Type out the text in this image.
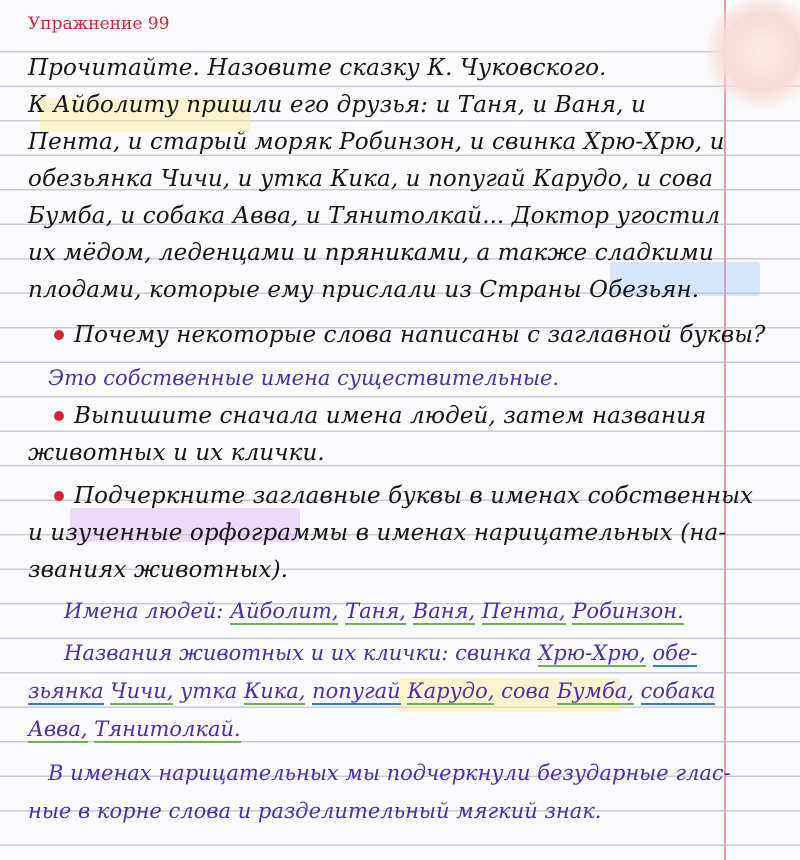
Упражнение 99
Прочитайте. Назовите сказку К. Чуковского.
К Айболиту пришли его друзья: и Таня, и Ваня, и
Пента, и старый моряк Робинзон, и свинка Хрю-Хрю, и
обезьянка Чичи, и утка Кика, и попугай Карудо, и сова
Бумба, и собака Авва, и Тянитолкай... Доктор угостил
их мёдом, леденцами и пряниками, а также сладкими
плодами, которые ему прислали из Страны Обезьян.
Почему некоторые слова написаны с заглавной буквы?
Это собственные имена существительные.
Выпишите сначала имена людей, затем названия
животных и их клички.
Подчеркните заглавные буквы в именах собственных
и изученные орфограммы в именах нарицательных (на-
званиях животных).
Имена людей: Айболит, Таня, Ваня, Пента, Робинзон.
Названия животных и их клички: свинка Хрю-Хрю, обе-
зьянка Чичи, утка Кика, попугай Карудо, сова Бумба, собака
Авва, Тянитолкай.
В именах нарицательных мы подчеркнули безударные глас-
ные в корне слова и разделительный мягкий знак.
